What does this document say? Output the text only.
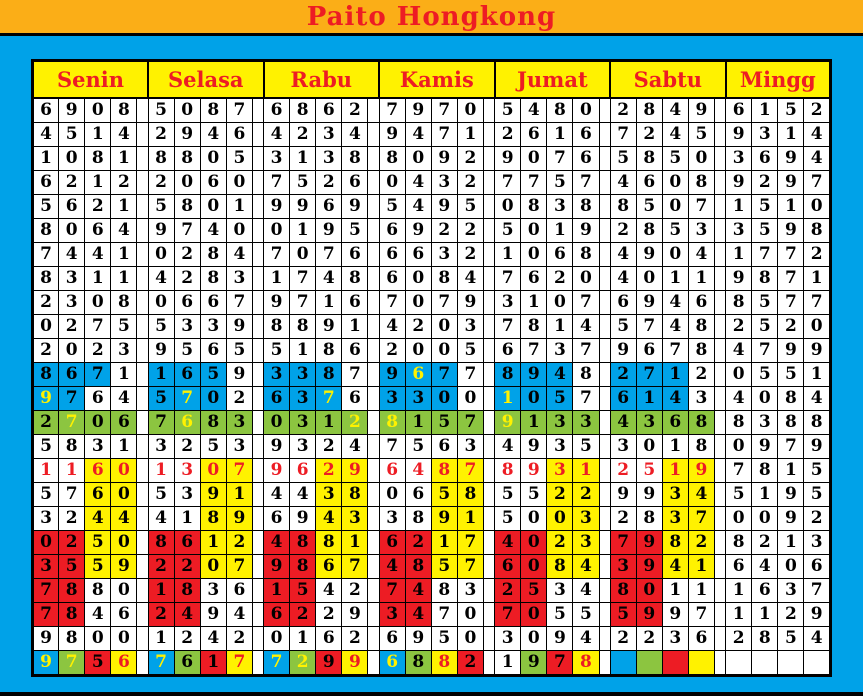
Paito Hongkong
Senin					Selasa					Rabu					Kamis					Jumat					Sabtu					Mingg			
6	9	0	8		5	0	8	7		6	8	6	2		7	9	7	0		5	4	8	0		2	8	4	9		6	1	5	2
4	5	1	4		2	9	4	6		4	2	3	4		9	4	7	1		2	6	1	6		7	2	4	5		9	3	1	4
1	0	8	1		8	8	0	5		3	1	3	8		8	0	9	2		9	0	7	6		5	8	5	0		3	6	9	4
6	2	1	2		2	0	6	0		7	5	2	6		0	4	3	2		7	7	5	7		4	6	0	8		9	2	9	7
5	6	2	1		5	8	0	1		9	9	6	9		5	4	9	5		0	8	3	8		8	5	0	7		1	5	1	0
8	0	6	4		9	7	4	0		0	1	9	5		6	9	2	2		5	0	1	9		2	8	5	3		3	5	9	8
7	4	4	1		0	2	8	4		7	0	7	6		6	6	3	2		1	0	6	8		4	9	0	4		1	7	7	2
8	3	1	1		4	2	8	3		1	7	4	8		6	0	8	4		7	6	2	0		4	0	1	1		9	8	7	1
2	3	0	8		0	6	6	7		9	7	1	6		7	0	7	9		3	1	0	7		6	9	4	6		8	5	7	7
0	2	7	5		5	3	3	9		8	8	9	1		4	2	0	3		7	8	1	4		5	7	4	8		2	5	2	0
2	0	2	3		9	5	6	5		5	1	8	6		2	0	0	5		6	7	3	7		9	6	7	8		4	7	9	9
8	6	7	1		1	6	5	9		3	3	8	7		9	6	7	7		8	9	4	8		2	7	1	2		0	5	5	1
9	7	6	4		5	7	0	2		6	3	7	6		3	3	0	0		1	0	5	7		6	1	4	3		4	0	8	4
2	7	0	6		7	6	8	3		0	3	1	2		8	1	5	7		9	1	3	3		4	3	6	8		8	3	8	8
5	8	3	1		3	2	5	3		9	3	2	4		7	5	6	3		4	9	3	5		3	0	1	8		0	9	7	9
1	1	6	0		1	3	0	7		9	6	2	9		6	4	8	7		8	9	3	1		2	5	1	9		7	8	1	5
5	7	6	0		5	3	9	1		4	4	3	8		0	6	5	8		5	5	2	2		9	9	3	4		5	1	9	5
3	2	4	4		4	1	8	9		6	9	4	3		3	8	9	1		5	0	0	3		2	8	3	7		0	0	9	2
0	2	5	0		8	6	1	2		4	8	8	1		6	2	1	7		4	0	2	3		7	9	8	2		8	2	1	3
3	5	5	9		2	2	0	7		9	8	6	7		4	8	5	7		6	0	8	4		3	9	4	1		6	4	0	6
7	8	8	0		1	8	3	6		1	5	4	2		7	4	8	3		2	5	3	4		8	0	1	1		1	6	3	7
7	8	4	6		2	4	9	4		6	2	2	9		3	4	7	0		7	0	5	5		5	9	9	7		1	1	2	9
9	8	0	0		1	2	4	2		0	1	6	2		6	9	5	0		3	0	9	4		2	2	3	6		2	8	5	4
9	7	5	6		7	6	1	7		7	2	9	9		6	8	8	2		1	9	7	8										
